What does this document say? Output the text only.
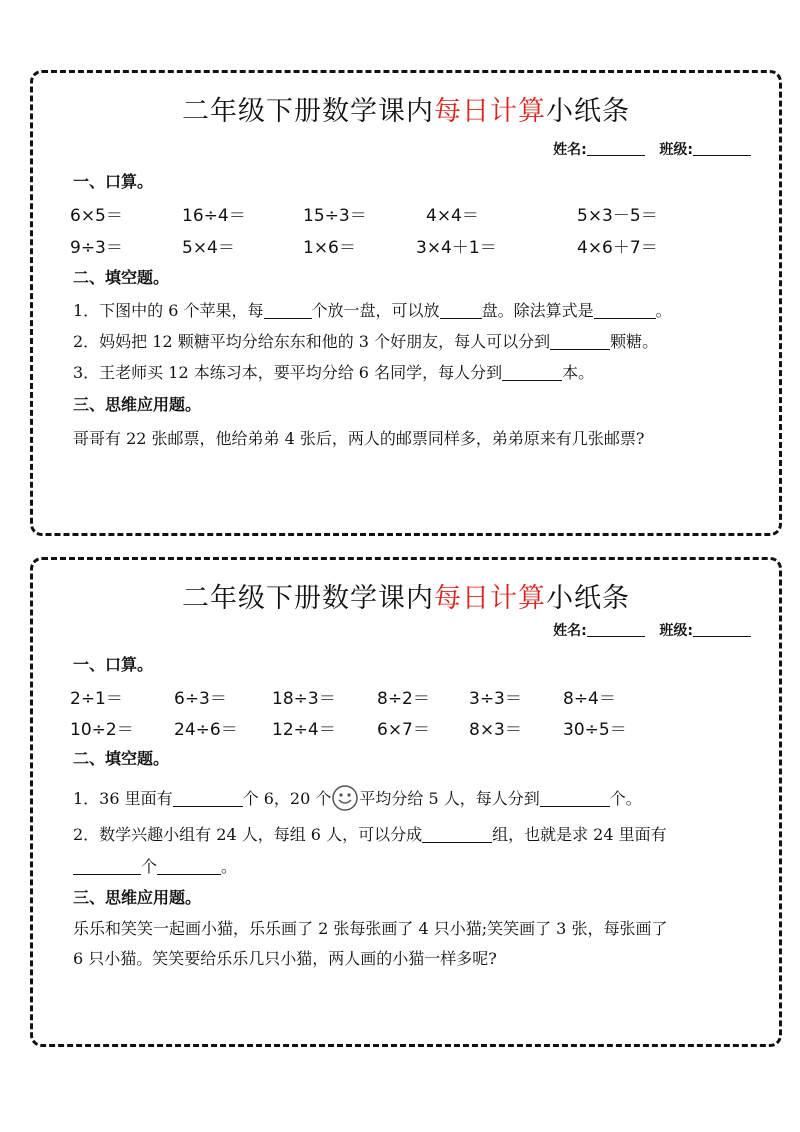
二年级下册数学课内每日计算小纸条
姓名:	班级:
一、口算。
6×5＝	16÷4＝	15÷3＝	4×4＝	5×3－5＝
9÷3＝	5×4＝	1×6＝	3×4＋1＝	4×6＋7＝
二、填空题。
1．下图中的 6 个苹果，每	个放一盘，可以放	盘。除法算式是	。
2．妈妈把 12 颗糖平均分给东东和他的 3 个好朋友，每人可以分到	颗糖。
3．王老师买 12 本练习本，要平均分给 6 名同学，每人分到	本。
三、思维应用题。
哥哥有 22 张邮票，他给弟弟 4 张后，两人的邮票同样多，弟弟原来有几张邮票?
二年级下册数学课内每日计算小纸条
姓名:	班级:
一、口算。
2÷1＝	6÷3＝	18÷3＝ 8÷2＝ 3÷3＝ 8÷4＝
10÷2＝ 24÷6＝ 12÷4＝ 6×7＝ 8×3＝ 30÷5＝
二、填空题。
1．36 里面有	个 6，20 个 平均分给 5 人，每人分到	个。
2．数学兴趣小组有 24 人，每组 6 人，可以分成	组，也就是求 24 里面有
个	。
三、思维应用题。
乐乐和笑笑一起画小猫，乐乐画了 2 张每张画了 4 只小猫;笑笑画了 3 张，每张画了
6 只小猫。笑笑要给乐乐几只小猫，两人画的小猫一样多呢?
